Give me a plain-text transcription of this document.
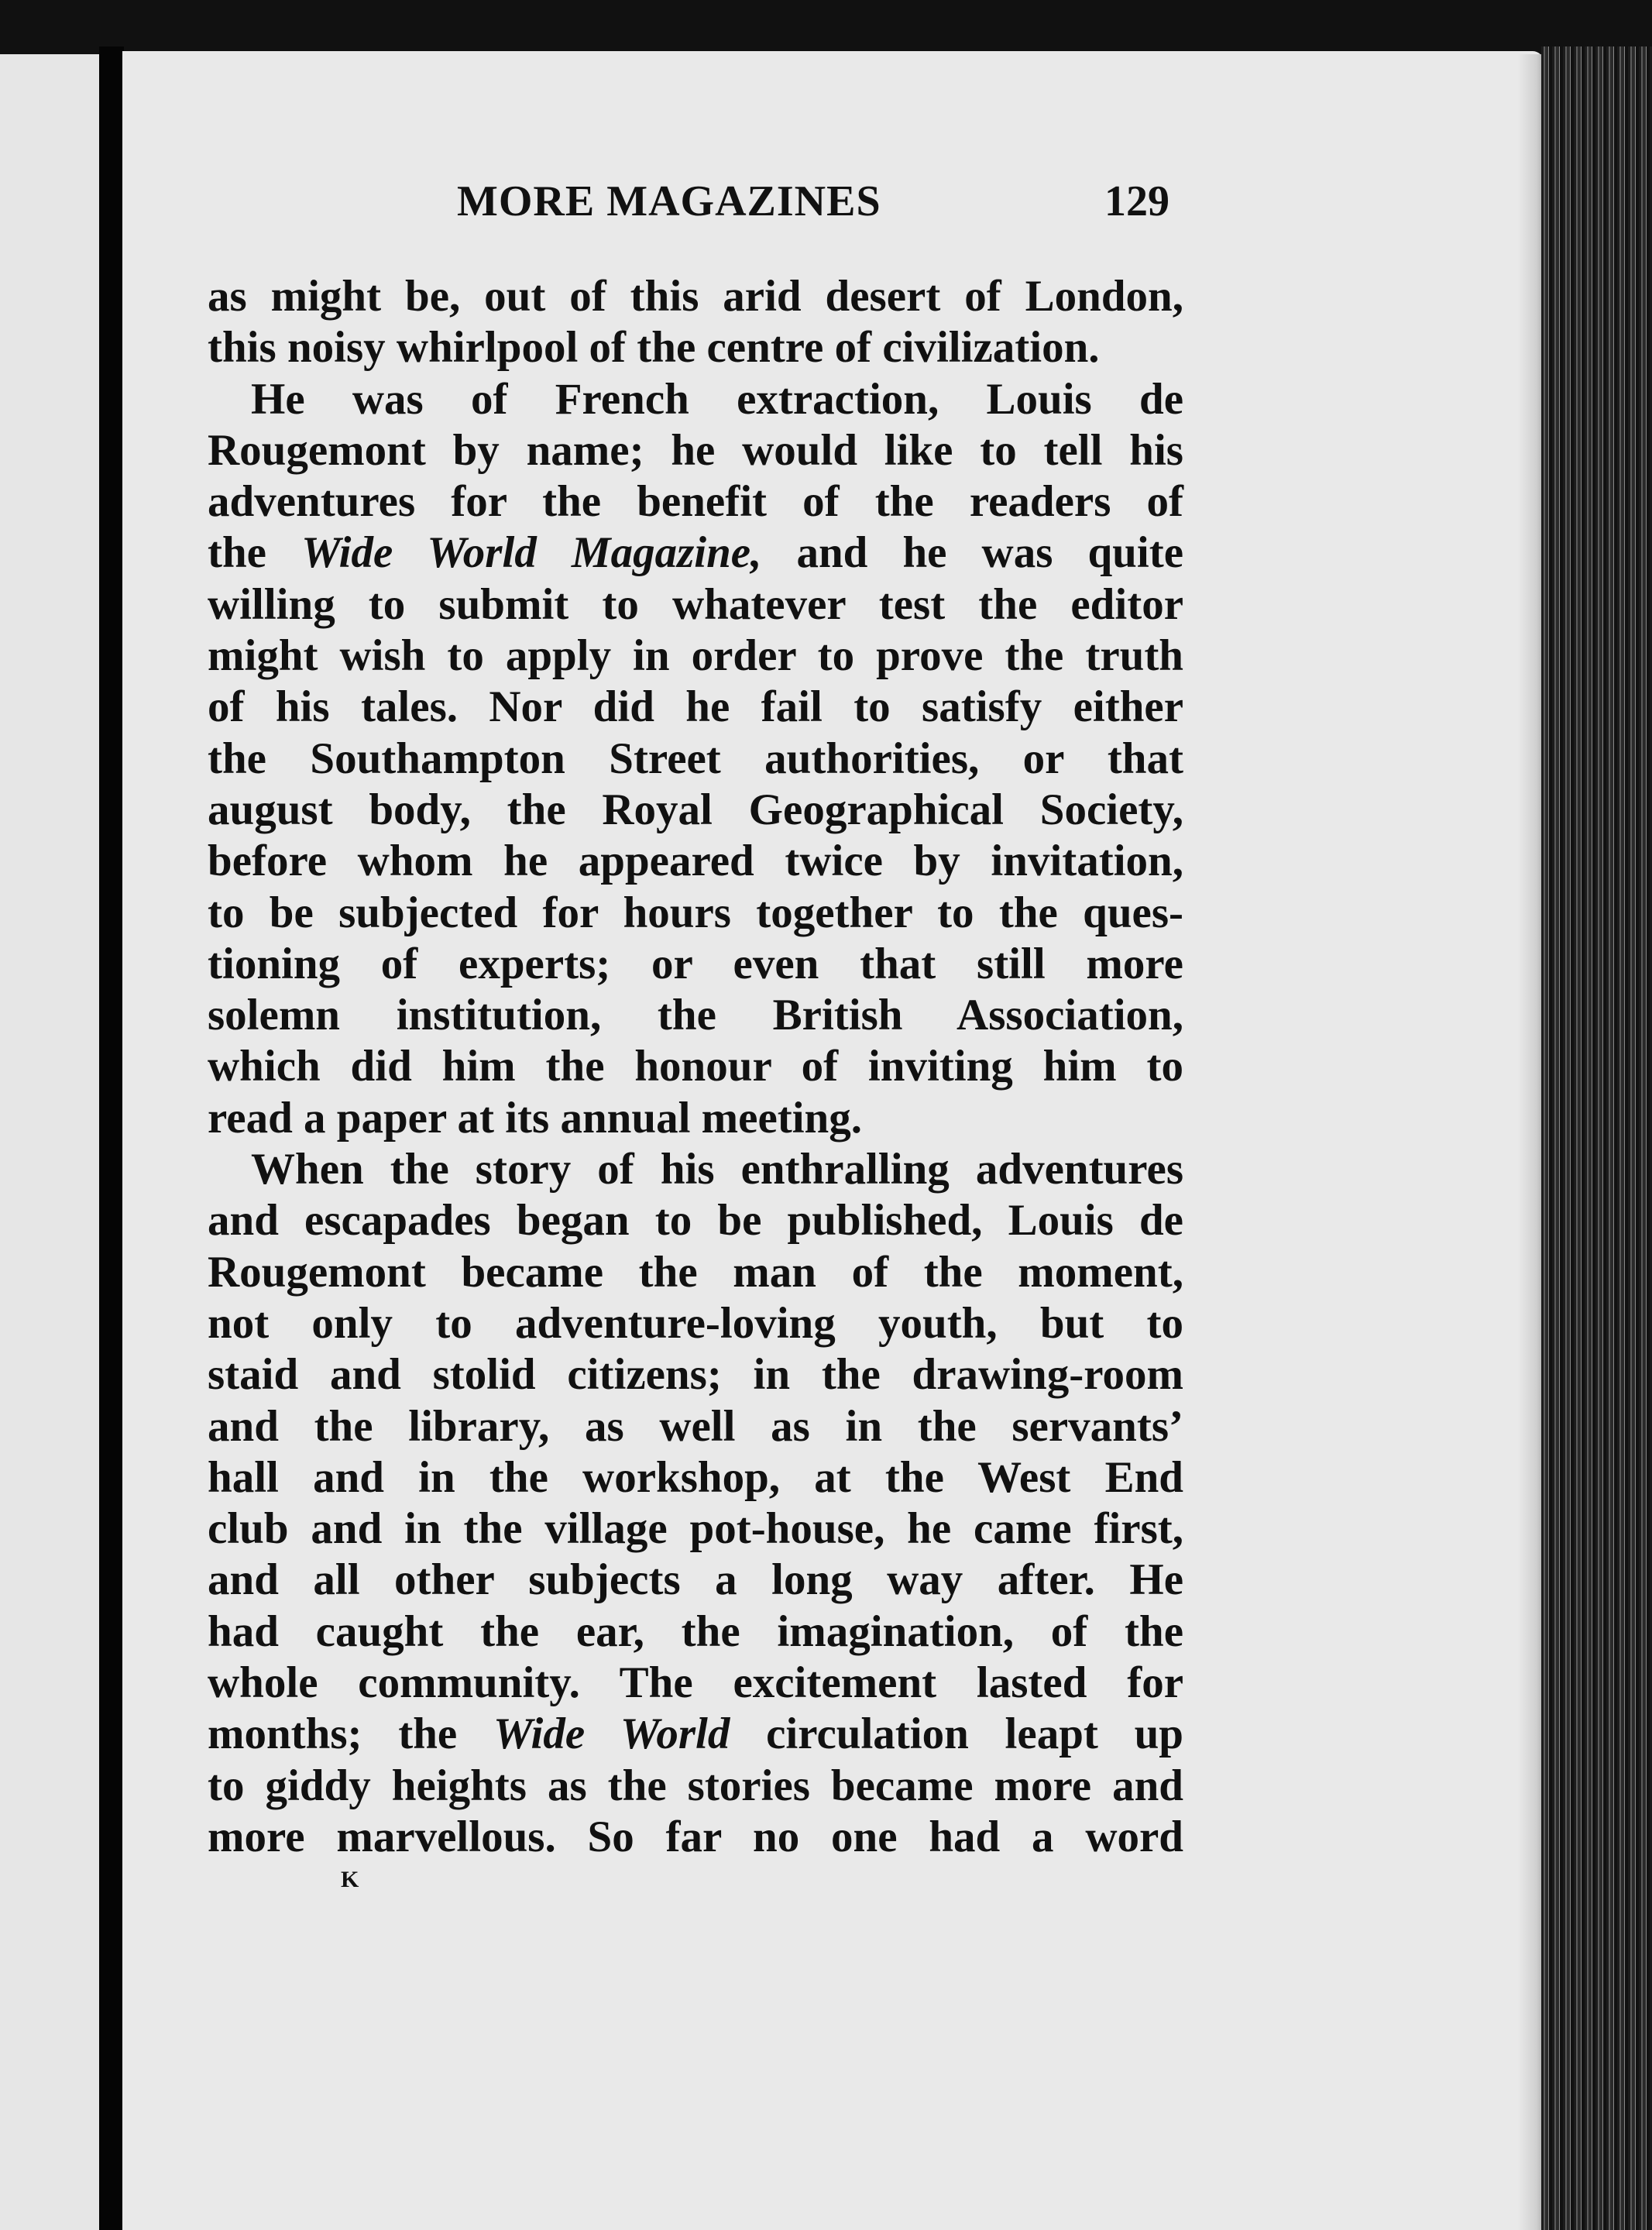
MORE MAGAZINES	129
as might be, out of this arid desert of London,
this noisy whirlpool of the centre of civilization.
He was of French extraction, Louis de
Rougemont by name; he would like to tell his
adventures for the benefit of the readers of
the Wide World Magazine, and he was quite
willing to submit to whatever test the editor
might wish to apply in order to prove the truth
of his tales. Nor did he fail to satisfy either
the Southampton Street authorities, or that
august body, the Royal Geographical Society,
before whom he appeared twice by invitation,
to be subjected for hours together to the ques-
tioning of experts; or even that still more
solemn institution, the British Association,
which did him the honour of inviting him to
read a paper at its annual meeting.
When the story of his enthralling adventures
and escapades began to be published, Louis de
Rougemont became the man of the moment,
not only to adventure-loving youth, but to
staid and stolid citizens; in the drawing-room
and the library, as well as in the servants’
hall and in the workshop, at the West End
club and in the village pot-house, he came first,
and all other subjects a long way after. He
had caught the ear, the imagination, of the
whole community. The excitement lasted for
months; the Wide World circulation leapt up
to giddy heights as the stories became more and
more marvellous. So far no one had a word
K
